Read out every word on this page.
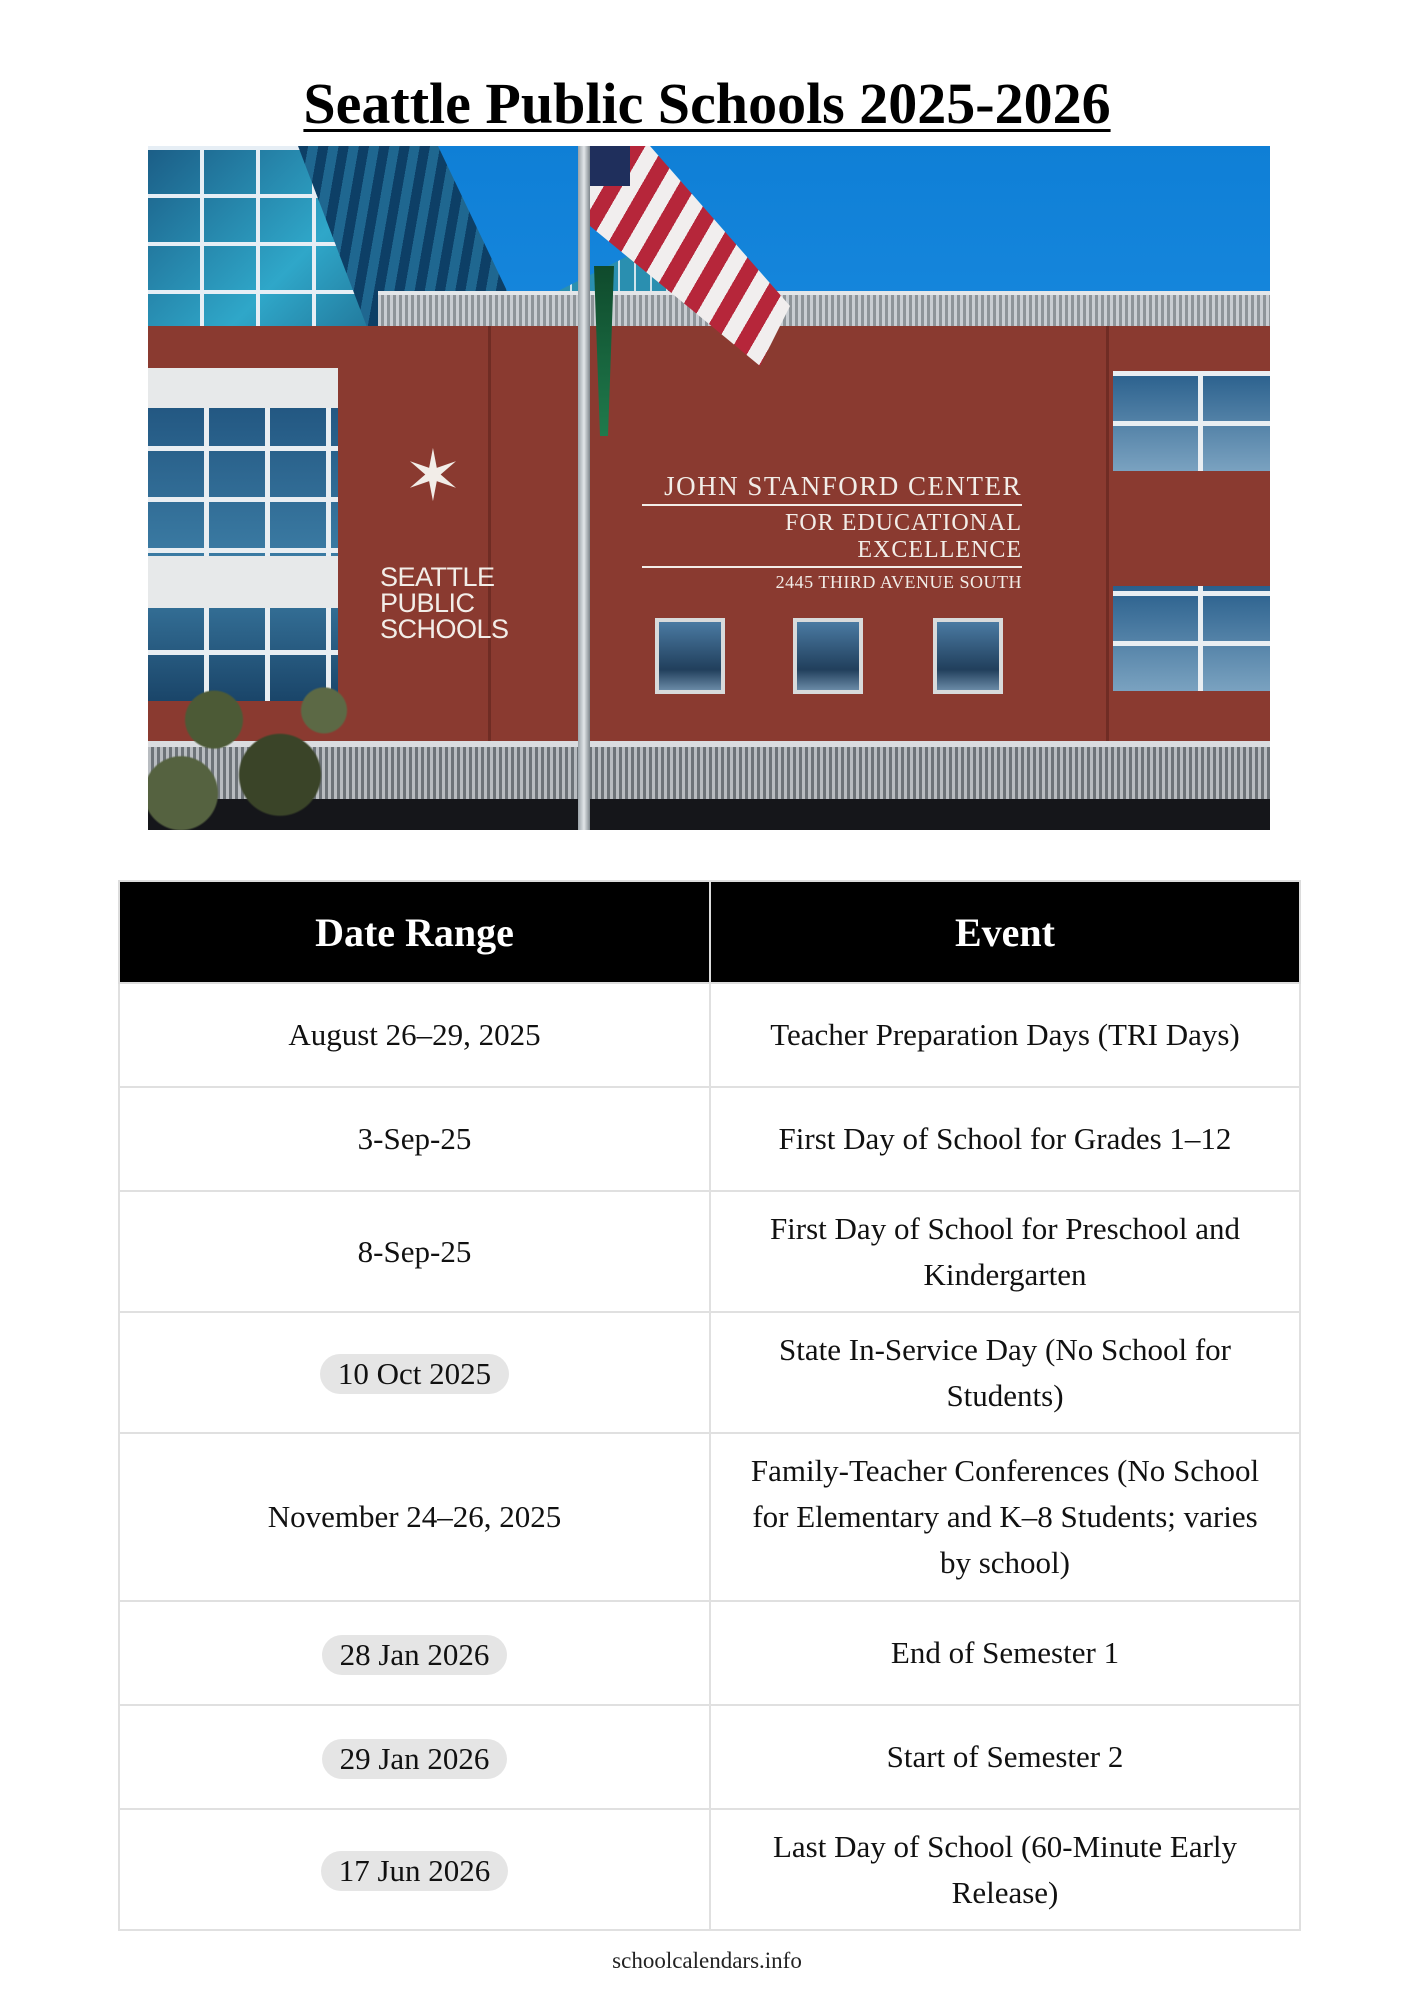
Seattle Public Schools 2025-2026
✶
SEATTLE
PUBLIC
SCHOOLS
JOHN STANFORD CENTER
FOR EDUCATIONAL EXCELLENCE
2445 THIRD AVENUE SOUTH
Date Range	Event
August 26–29, 2025	Teacher Preparation Days (TRI Days)
3-Sep-25	First Day of School for Grades 1–12
8-Sep-25	First Day of School for Preschool and Kindergarten
10 Oct 2025	State In-Service Day (No School for Students)
November 24–26, 2025	Family-Teacher Conferences (No School for Elementary and K–8 Students; varies by school)
28 Jan 2026	End of Semester 1
29 Jan 2026	Start of Semester 2
17 Jun 2026	Last Day of School (60-Minute Early Release)
schoolcalendars.info
